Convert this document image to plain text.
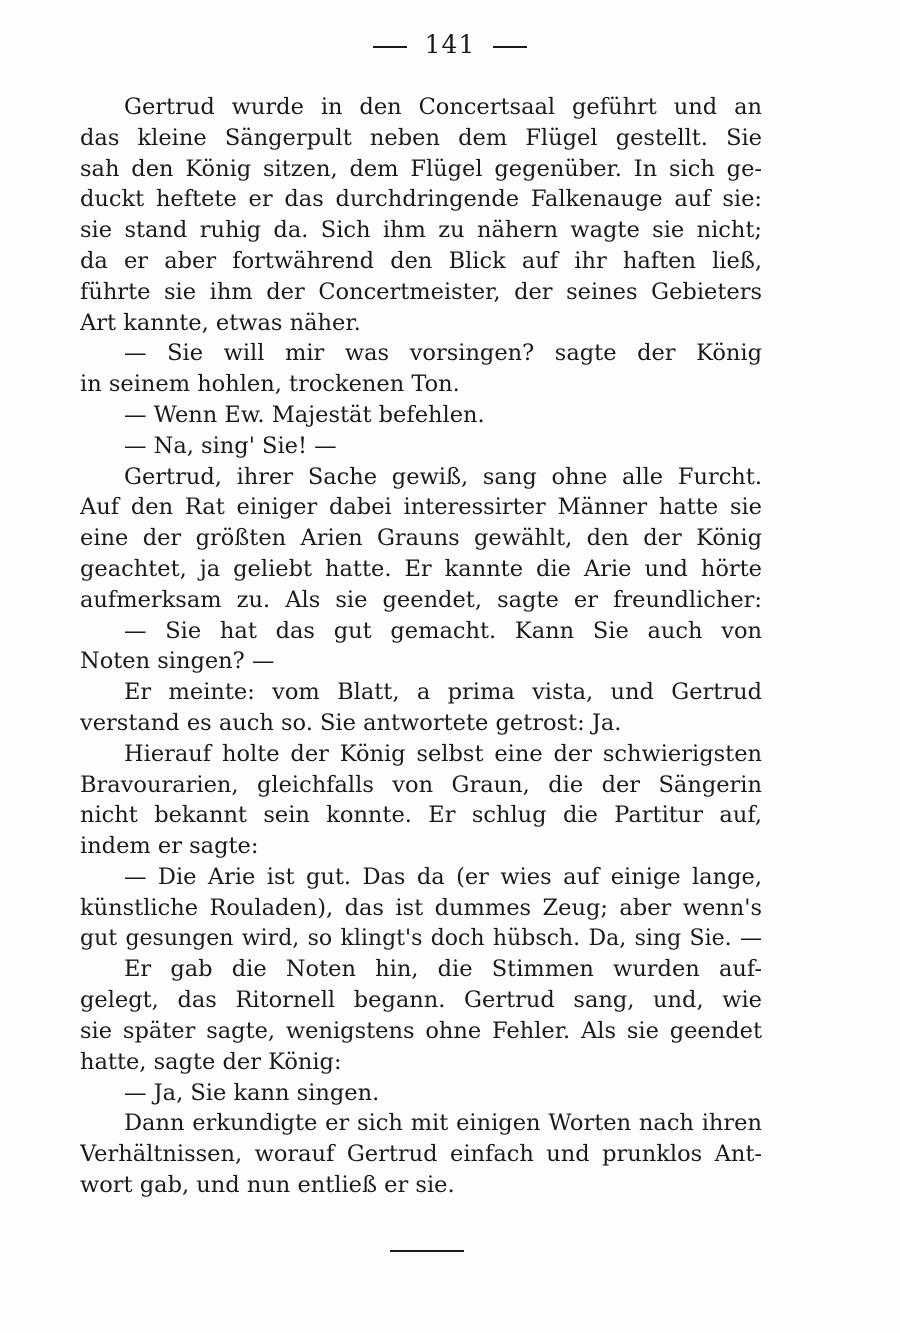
141
Gertrud wurde in den Concertsaal geführt und an
das kleine Sängerpult neben dem Flügel gestellt. Sie
sah den König sitzen, dem Flügel gegenüber. In sich ge-
duckt heftete er das durchdringende Falkenauge auf sie:
sie stand ruhig da. Sich ihm zu nähern wagte sie nicht;
da er aber fortwährend den Blick auf ihr haften ließ,
führte sie ihm der Concertmeister, der seines Gebieters
Art kannte, etwas näher.
— Sie will mir was vorsingen? sagte der König
in seinem hohlen, trockenen Ton.
— Wenn Ew. Majestät befehlen.
— Na, sing' Sie! —
Gertrud, ihrer Sache gewiß, sang ohne alle Furcht.
Auf den Rat einiger dabei interessirter Männer hatte sie
eine der größten Arien Grauns gewählt, den der König
geachtet, ja geliebt hatte. Er kannte die Arie und hörte
aufmerksam zu. Als sie geendet, sagte er freundlicher:
— Sie hat das gut gemacht. Kann Sie auch von
Noten singen? —
Er meinte: vom Blatt, a prima vista, und Gertrud
verstand es auch so. Sie antwortete getrost: Ja.
Hierauf holte der König selbst eine der schwierigsten
Bravourarien, gleichfalls von Graun, die der Sängerin
nicht bekannt sein konnte. Er schlug die Partitur auf,
indem er sagte:
— Die Arie ist gut. Das da (er wies auf einige lange,
künstliche Rouladen), das ist dummes Zeug; aber wenn's
gut gesungen wird, so klingt's doch hübsch. Da, sing Sie. —
Er gab die Noten hin, die Stimmen wurden auf-
gelegt, das Ritornell begann. Gertrud sang, und, wie
sie später sagte, wenigstens ohne Fehler. Als sie geendet
hatte, sagte der König:
— Ja, Sie kann singen.
Dann erkundigte er sich mit einigen Worten nach ihren
Verhältnissen, worauf Gertrud einfach und prunklos Ant-
wort gab, und nun entließ er sie.
